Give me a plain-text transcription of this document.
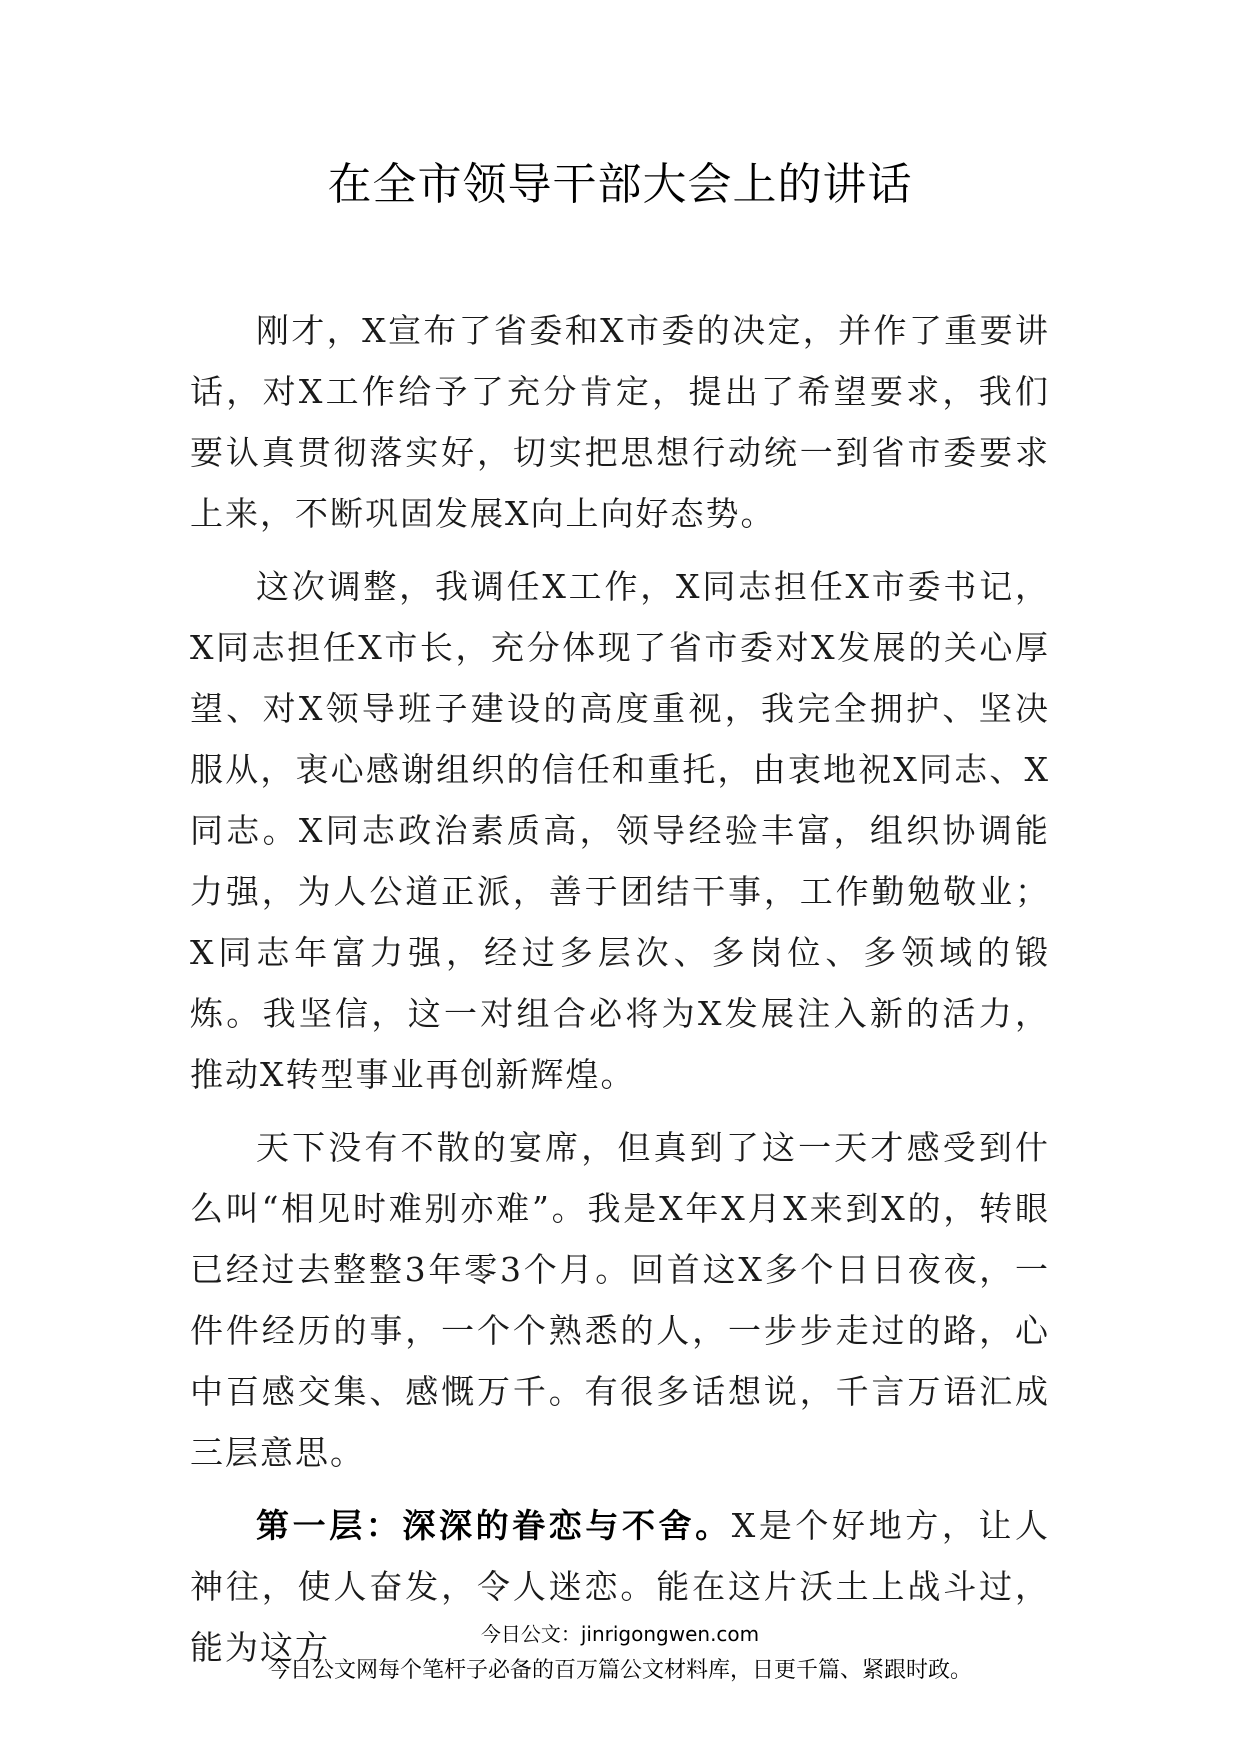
在全市领导干部大会上的讲话

刚才，X宣布了省委和X市委的决定，并作了重要讲话，对X工作给予了充分肯定，提出了希望要求，我们要认真贯彻落实好，切实把思想行动统一到省市委要求上来，不断巩固发展X向上向好态势。

这次调整，我调任X工作，X同志担任X市委书记，X同志担任X市长，充分体现了省市委对X发展的关心厚望、对X领导班子建设的高度重视，我完全拥护、坚决服从，衷心感谢组织的信任和重托，由衷地祝X同志、X同志。X同志政治素质高，领导经验丰富，组织协调能力强，为人公道正派，善于团结干事，工作勤勉敬业；X同志年富力强，经过多层次、多岗位、多领域的锻炼。我坚信，这一对组合必将为X发展注入新的活力，推动X转型事业再创新辉煌。

天下没有不散的宴席，但真到了这一天才感受到什么叫“相见时难别亦难”。我是X年X月X来到X的，转眼已经过去整整3年零3个月。回首这X多个日日夜夜，一件件经历的事，一个个熟悉的人，一步步走过的路，心中百感交集、感慨万千。有很多话想说，千言万语汇成三层意思。

第一层：深深的眷恋与不舍。X是个好地方，让人神往，使人奋发，令人迷恋。能在这片沃土上战斗过，能为这方	今日公文：jinrigongwen.com
今日公文网每个笔杆子必备的百万篇公文材料库，日更千篇、紧跟时政。
